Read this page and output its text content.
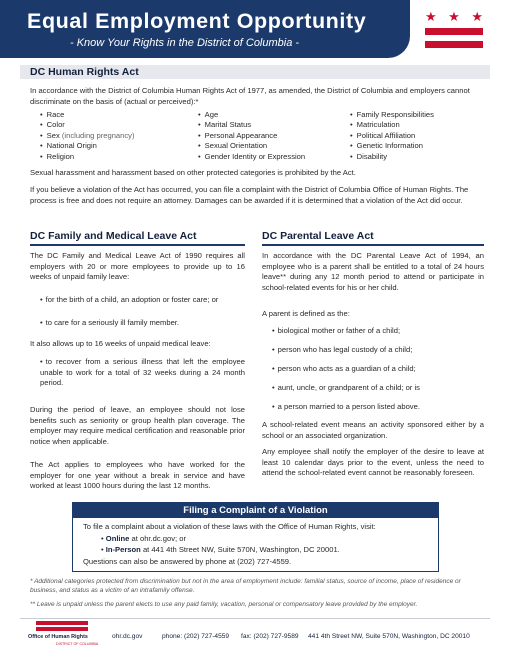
Equal Employment Opportunity
- Know Your Rights in the District of Columbia -
★ ★ ★
DC Human Rights Act
In accordance with the District of Columbia Human Rights Act of 1977, as amended, the District of Columbia and employers cannot discriminate on the basis of (actual or perceived):*
• Race
• Color
• Sex (including pregnancy)
• National Origin
• Religion
• Age
• Marital Status
• Personal Appearance
• Sexual Orientation
• Gender Identity or Expression
• Family Responsibilities
• Matriculation
• Political Affiliation
• Genetic Information
• Disability
Sexual harassment and harassment based on other protected categories is prohibited by the Act.
If you believe a violation of the Act has occurred, you can file a complaint with the District of Columbia Office of Human Rights. The process is free and does not require an attorney. Damages can be awarded if it is determined that a violation of the Act did occur.
DC Family and Medical Leave Act
The DC Family and Medical Leave Act of 1990 requires all employers with 20 or more employees to provide up to 16 weeks of unpaid family leave:
• for the birth of a child, an adoption or foster care; or
• to care for a seriously ill family member.
It also allows up to 16 weeks of unpaid medical leave:
• to recover from a serious illness that left the employee unable to work for a total of 32 weeks during a 24 month period.
During the period of leave, an employee should not lose benefits such as seniority or group health plan coverage. The employer may require medical certification and reasonable prior notice when applicable.
The Act applies to employees who have worked for the employer for one year without a break in service and have worked at least 1000 hours during the last 12 months.
DC Parental Leave Act
In accordance with the DC Parental Leave Act of 1994, an employee who is a parent shall be entitled to a total of 24 hours leave** during any 12 month period to attend or participate in school-related events for his or her child.
A parent is defined as the:
• biological mother or father of a child;
• person who has legal custody of a child;
• person who acts as a guardian of a child;
• aunt, uncle, or grandparent of a child; or is
• a person married to a person listed above.
A school-related event means an activity sponsored either by a school or an associated organization.
Any employee shall notify the employer of the desire to leave at least 10 calendar days prior to the event, unless the need to attend the school-related event cannot be reasonably foreseen.
Filing a Complaint of a Violation
To file a complaint about a violation of these laws with the Office of Human Rights, visit:
• Online at ohr.dc.gov; or
• In-Person at 441 4th Street NW, Suite 570N, Washington, DC 20001.
Questions can also be answered by phone at (202) 727-4559.
* Additional categories protected from discrimination but not in the area of employment include: familial status, source of income, place of residence or business, and status as a victim of an intrafamily offense.
** Leave is unpaid unless the parent elects to use any paid family, vacation, personal or compensatory leave provided by the employer.
Office of Human Rights
DISTRICT OF COLUMBIA
ohr.dc.gov	phone: (202) 727-4559 fax: (202) 727-9589 441 4th Street NW, Suite 570N, Washington, DC 20010
